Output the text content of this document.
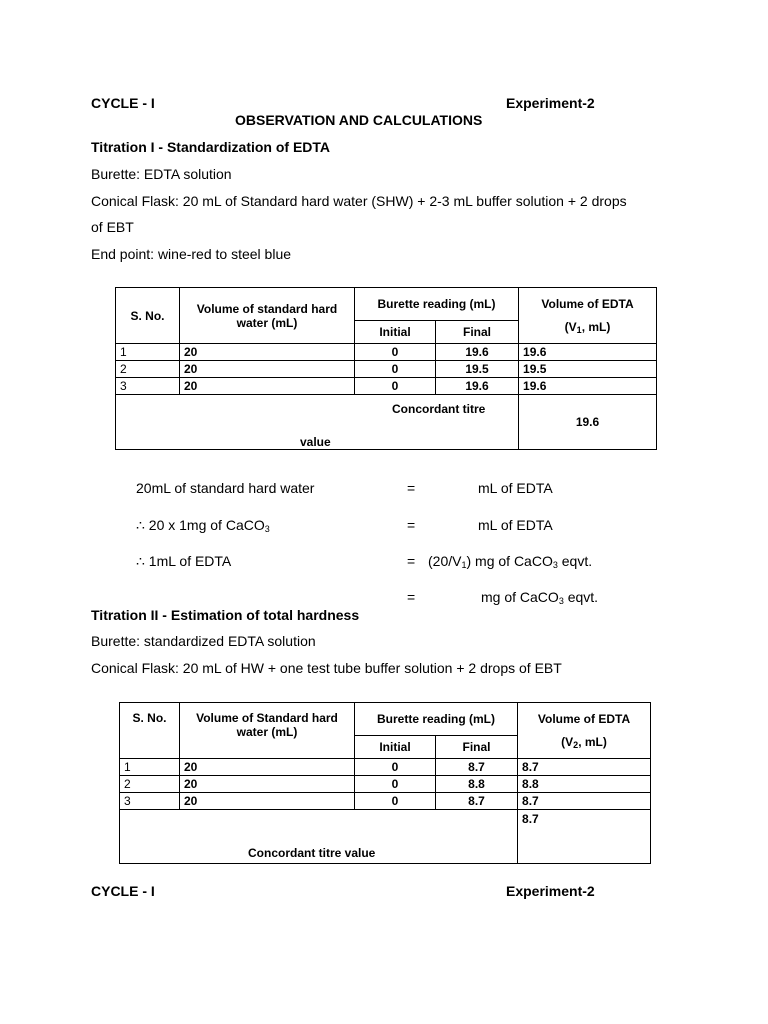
CYCLE - I	Experiment-2
OBSERVATION AND CALCULATIONS
Titration I - Standardization of EDTA
Burette: EDTA solution
Conical Flask: 20 mL of Standard hard water (SHW) + 2-3 mL buffer solution + 2 drops
of EBT
End point: wine-red to steel blue
S. No.	Volume of standard hard water (mL)	Burette reading (mL)		Volume of EDTA
($V_1$, mL)

		Initial	Final	
1	20	0	19.6	19.6
2	20	0	19.5	19.5
3	20	0	19.6	19.6

Concordant titre
value				19.6
20mL of standard hard water	=	mL of EDTA
∴ 20 x 1mg of CaCO$_3$	=	mL of EDTA
∴ 1mL of EDTA	= $(20/V_1)$ mg of CaCO$_3$ eqvt.
=	mg of CaCO$_3$ eqvt.
Titration II - Estimation of total hardness
Burette: standardized EDTA solution
Conical Flask: 20 mL of HW + one test tube buffer solution + 2 drops of EBT
S. No.	Volume of Standard hard water (mL)	Burette reading (mL)		Volume of EDTA
($V_2$, mL)

		Initial	Final	
1	20	0	8.7	8.7
2	20	0	8.8	8.8
3	20	0	8.7	8.7

Concordant titre value				8.7
CYCLE - I	Experiment-2
